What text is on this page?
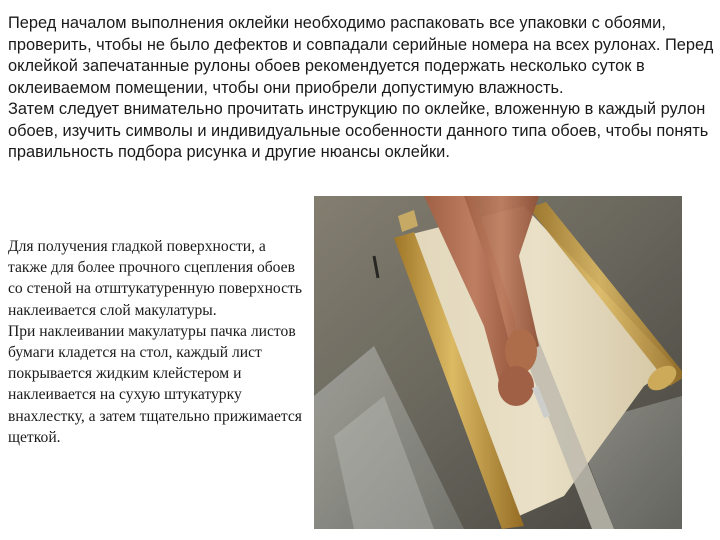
Перед началом выполнения оклейки необходимо распаковать все упаковки с обоями, проверить, чтобы не было дефектов и совпадали серийные номера на всех рулонах. Перед оклейкой запечатанные рулоны обоев рекомендуется подержать несколько суток в оклеиваемом помещении, чтобы они приобрели допустимую влажность.

Затем следует внимательно прочитать инструкцию по оклейке, вложенную в каждый рулон обоев, изучить символы и индивидуальные особенности данного типа обоев, чтобы понять правильность подбора рисунка и другие нюансы оклейки.

Для получения гладкой поверхности, а также для более прочного сцепления обоев со стеной на отштукатуренную поверхность наклеивается слой макулатуры.

При наклеивании макулатуры пачка листов бумаги кладется на стол, каждый лист покрывается жидким клейстером и наклеивается на сухую штукатурку внахлестку, а затем тщательно прижимается щеткой.
